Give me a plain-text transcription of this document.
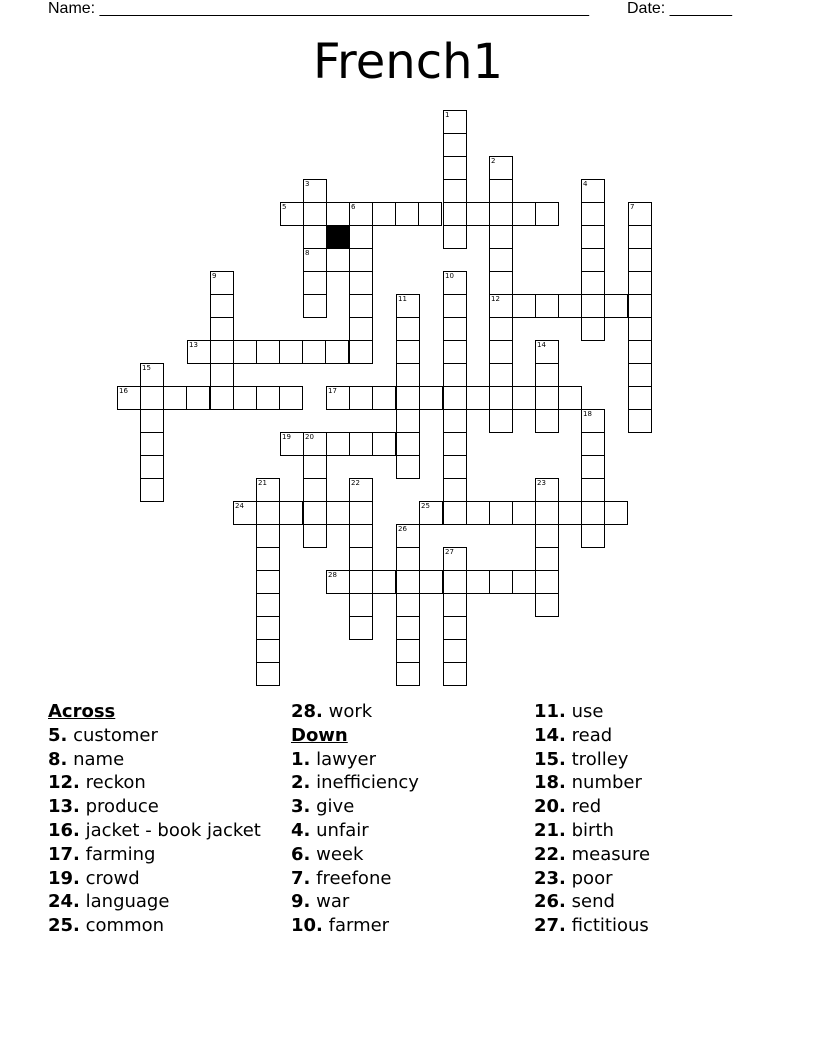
Name: _______________________________________________________ Date: _______
French1
1
2
12
3
8
4
5	6	7
9	10
11
13	14
15
16	17
18
19 20
21	22	23
24	25
26
27
28
Across
5. customer
8. name
12. reckon
13. produce
16. jacket - book jacket
17. farming
19. crowd
24. language
25. common
28. work
Down
1. lawyer
2. inefficiency
3. give
4. unfair
6. week
7. freefone
9. war
10. farmer
11. use
14. read
15. trolley
18. number
20. red
21. birth
22. measure
23. poor
26. send
27. fictitious
